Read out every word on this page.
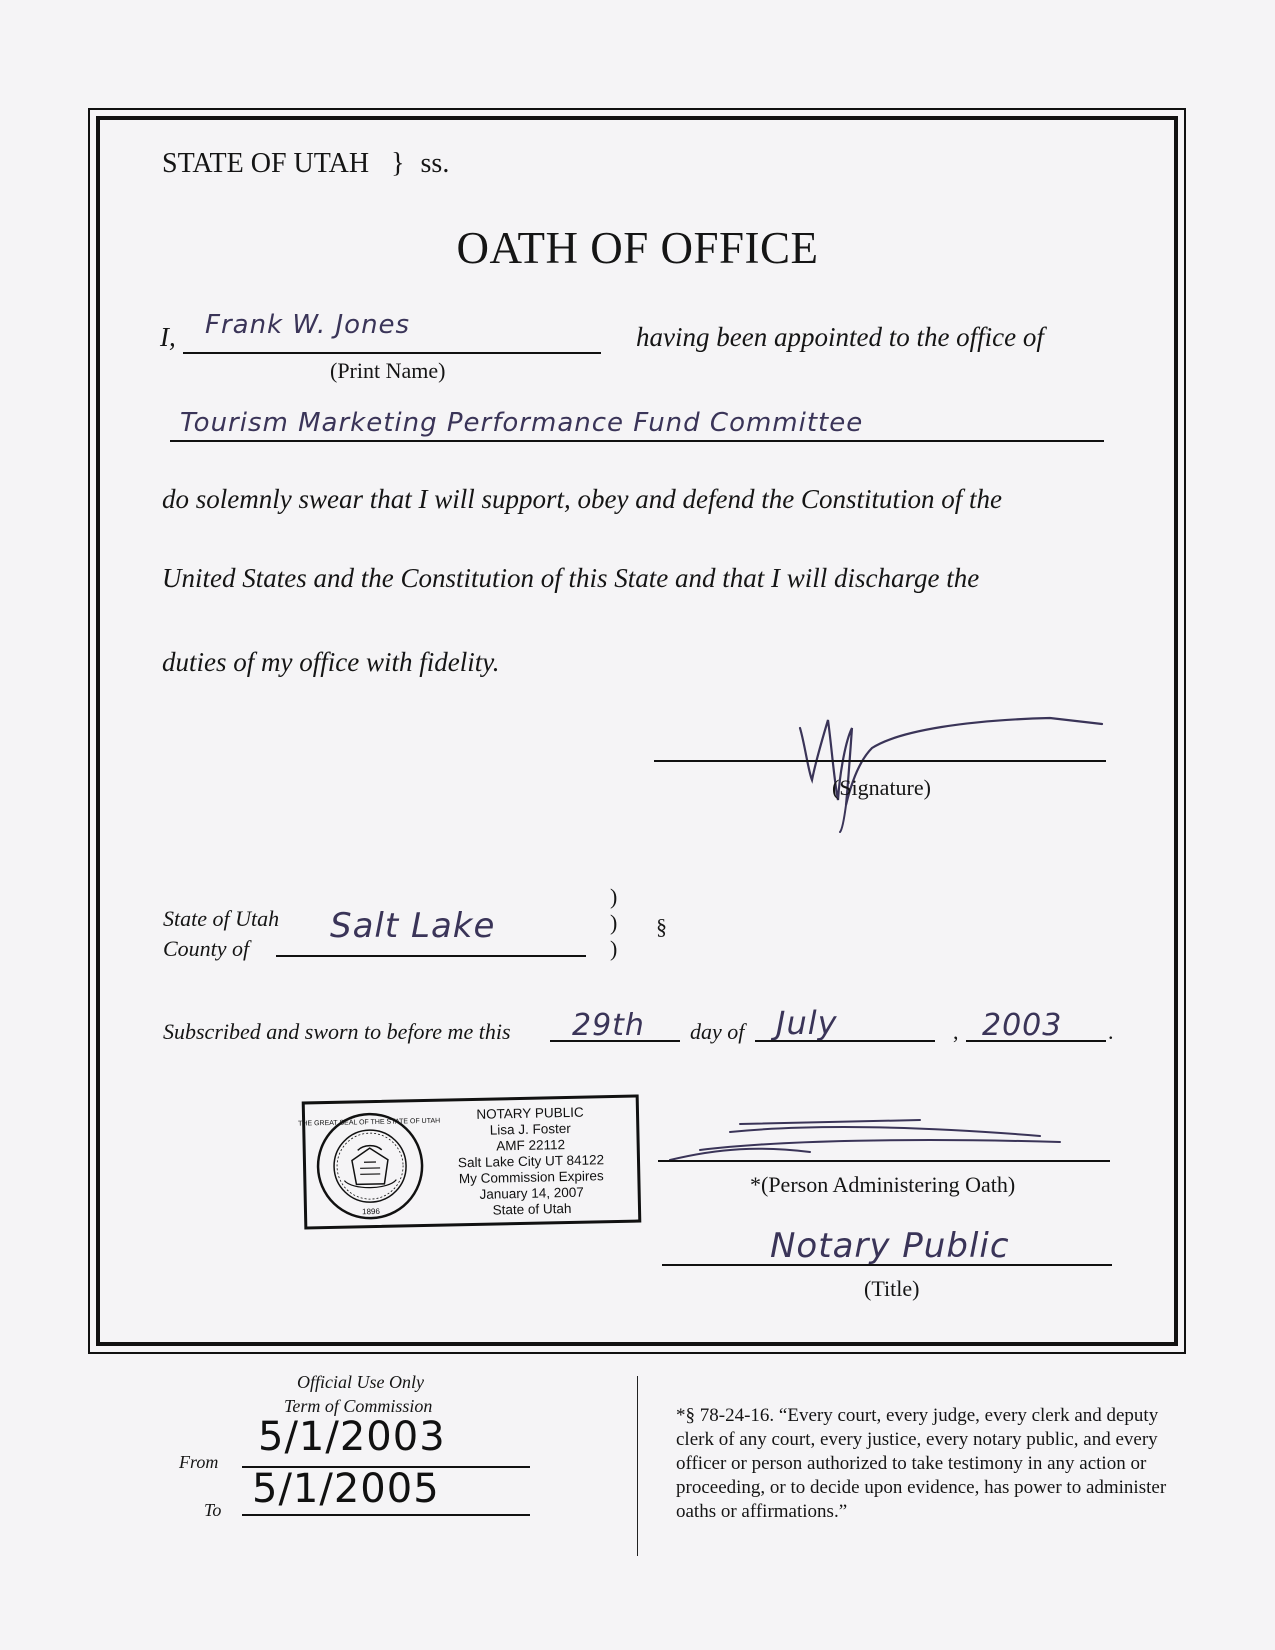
STATE OF UTAH } ss.
OATH OF OFFICE
I, Frank W. Jones
(Print Name)
having been appointed to the office of
Tourism Marketing Performance Fund Committee
do solemnly swear that I will support, obey and defend the Constitution of the
United States and the Constitution of this State and that I will discharge the
duties of my office with fidelity.
(Signature)
State of Utah
County of
Salt Lake
)
)
)
§
Subscribed and sworn to before me this 29th day of July	, 2003 .
THE GREAT SEAL OF THE STATE OF UTAH
1896
NOTARY PUBLIC
Lisa J. Foster
AMF 22112
Salt Lake City UT 84122
My Commission Expires
January 14, 2007
State of Utah
*(Person Administering Oath)
Notary Public
(Title)
Official Use Only
Term of Commission
From
5/1/2003
To 5/1/2005
*§ 78-24-16. “Every court, every judge, every clerk and deputy clerk of any court, every justice, every notary public, and every officer or person authorized to take testimony in any action or proceeding, or to decide upon evidence, has power to administer oaths or affirmations.”
